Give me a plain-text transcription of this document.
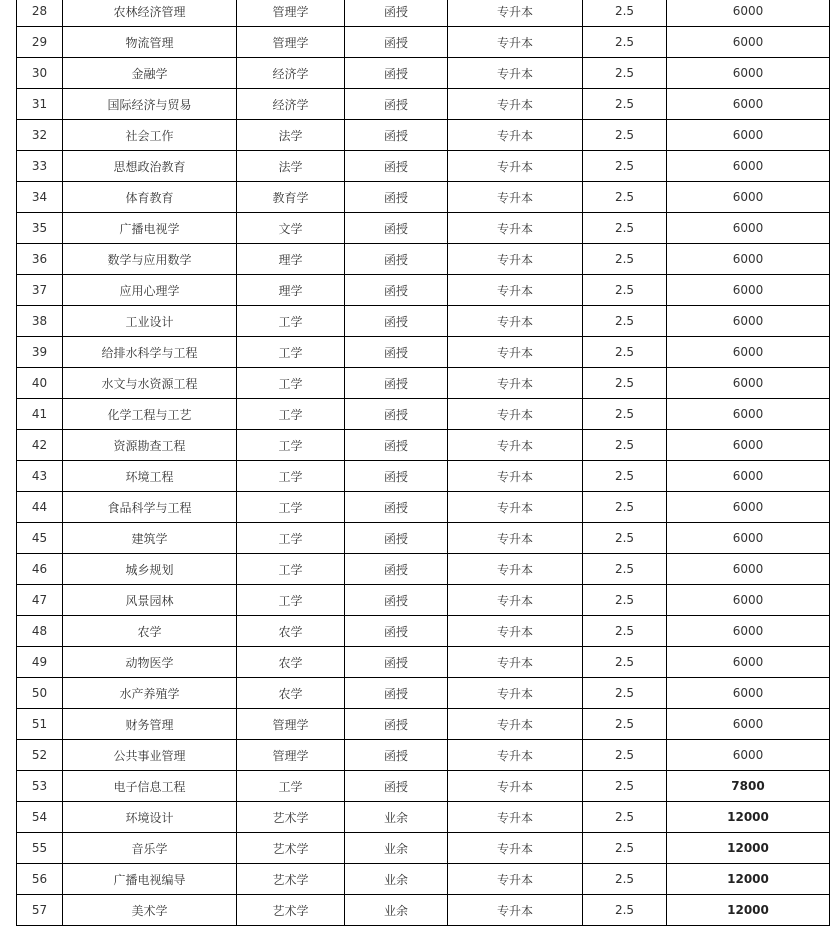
28	农林经济管理	管理学	函授	专升本	2.5	6000
29	物流管理	管理学	函授	专升本	2.5	6000
30	金融学	经济学	函授	专升本	2.5	6000
31	国际经济与贸易	经济学	函授	专升本	2.5	6000
32	社会工作	法学	函授	专升本	2.5	6000
33	思想政治教育	法学	函授	专升本	2.5	6000
34	体育教育	教育学	函授	专升本	2.5	6000
35	广播电视学	文学	函授	专升本	2.5	6000
36	数学与应用数学	理学	函授	专升本	2.5	6000
37	应用心理学	理学	函授	专升本	2.5	6000
38	工业设计	工学	函授	专升本	2.5	6000
39	给排水科学与工程	工学	函授	专升本	2.5	6000
40	水文与水资源工程	工学	函授	专升本	2.5	6000
41	化学工程与工艺	工学	函授	专升本	2.5	6000
42	资源勘查工程	工学	函授	专升本	2.5	6000
43	环境工程	工学	函授	专升本	2.5	6000
44	食品科学与工程	工学	函授	专升本	2.5	6000
45	建筑学	工学	函授	专升本	2.5	6000
46	城乡规划	工学	函授	专升本	2.5	6000
47	风景园林	工学	函授	专升本	2.5	6000
48	农学	农学	函授	专升本	2.5	6000
49	动物医学	农学	函授	专升本	2.5	6000
50	水产养殖学	农学	函授	专升本	2.5	6000
51	财务管理	管理学	函授	专升本	2.5	6000
52	公共事业管理	管理学	函授	专升本	2.5	6000
53	电子信息工程	工学	函授	专升本	2.5	7800
54	环境设计	艺术学	业余	专升本	2.5	12000
55	音乐学	艺术学	业余	专升本	2.5	12000
56	广播电视编导	艺术学	业余	专升本	2.5	12000
57	美术学	艺术学	业余	专升本	2.5	12000
